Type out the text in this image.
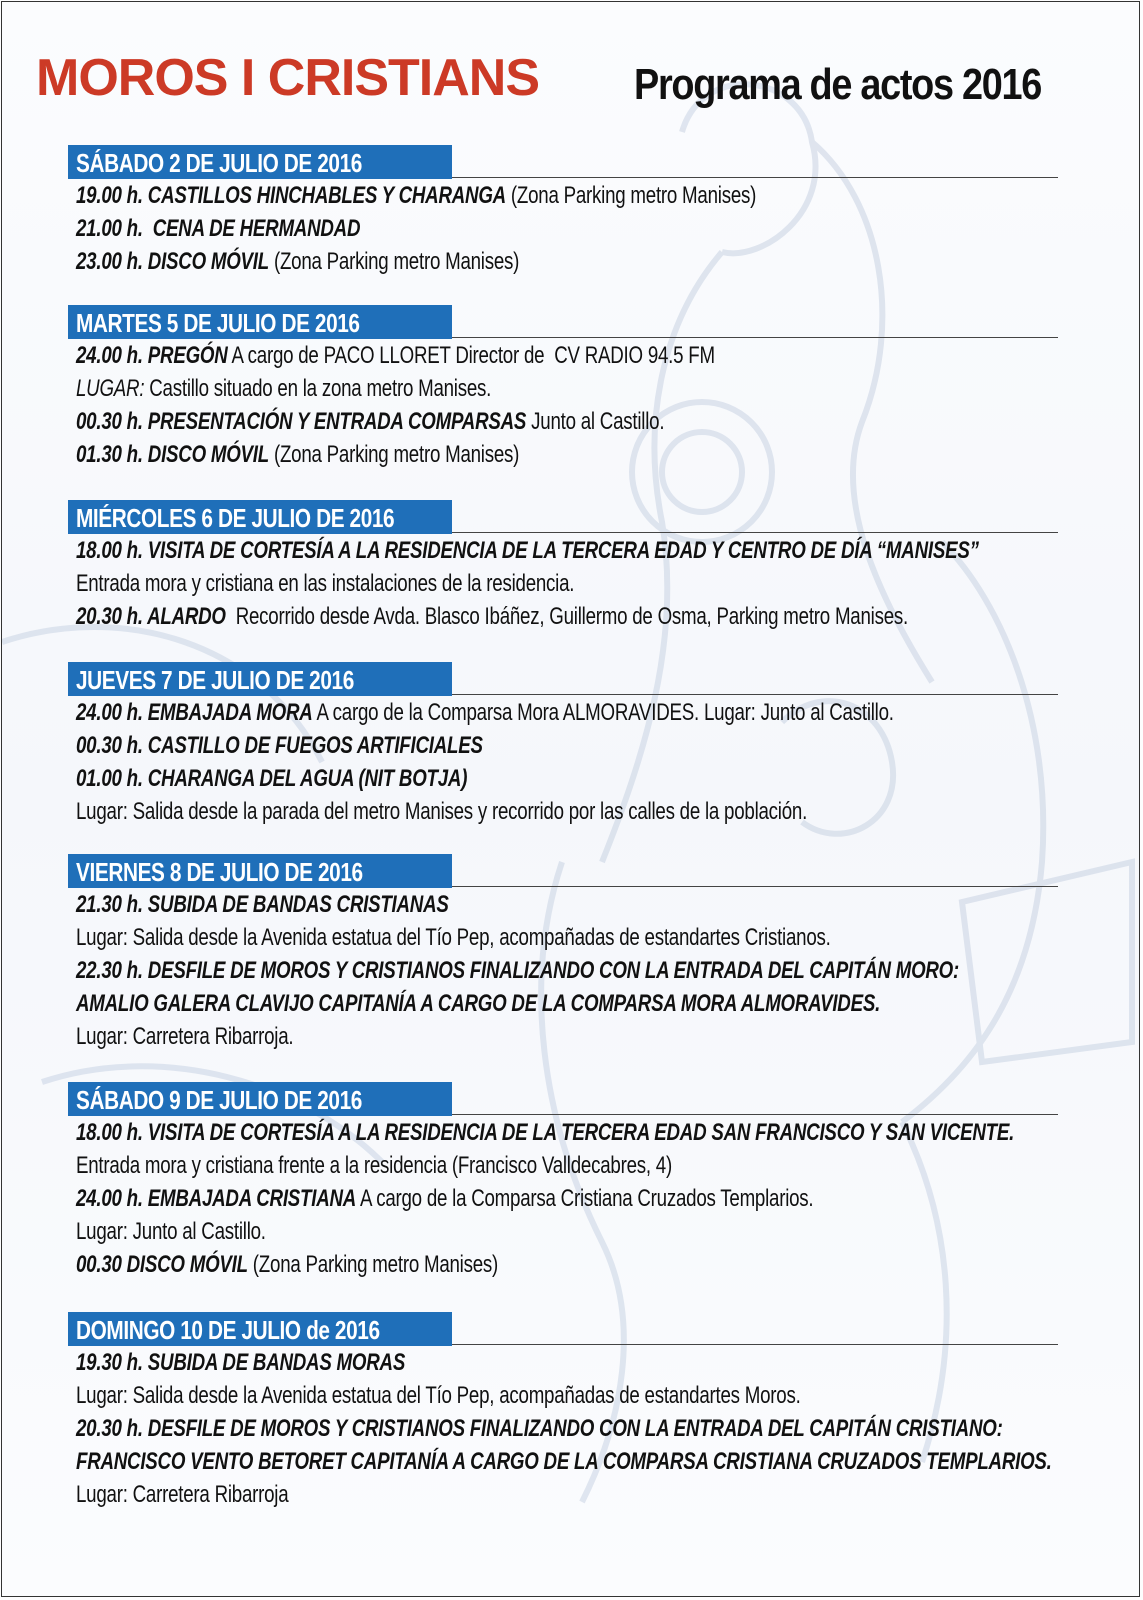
MOROS I CRISTIANS Programa de actos 2016
SÁBADO 2 DE JULIO DE 2016
19.00 h. CASTILLOS HINCHABLES Y CHARANGA (Zona Parking metro Manises)
21.00 h.  CENA DE HERMANDAD
23.00 h. DISCO MÓVIL (Zona Parking metro Manises)
MARTES 5 DE JULIO DE 2016
24.00 h. PREGÓN A cargo de PACO LLORET Director de  CV RADIO 94.5 FM
LUGAR: Castillo situado en la zona metro Manises.
00.30 h. PRESENTACIÓN Y ENTRADA COMPARSAS Junto al Castillo.
01.30 h. DISCO MÓVIL (Zona Parking metro Manises)
MIÉRCOLES 6 DE JULIO DE 2016
18.00 h. VISITA DE CORTESÍA A LA RESIDENCIA DE LA TERCERA EDAD Y CENTRO DE DÍA “MANISES”
Entrada mora y cristiana en las instalaciones de la residencia.
20.30 h. ALARDO  Recorrido desde Avda. Blasco Ibáñez, Guillermo de Osma, Parking metro Manises.
JUEVES 7 DE JULIO DE 2016
24.00 h. EMBAJADA MORA A cargo de la Comparsa Mora ALMORAVIDES. Lugar: Junto al Castillo.
00.30 h. CASTILLO DE FUEGOS ARTIFICIALES
01.00 h. CHARANGA DEL AGUA (NIT BOTJA)
Lugar: Salida desde la parada del metro Manises y recorrido por las calles de la población.
VIERNES 8 DE JULIO DE 2016
21.30 h. SUBIDA DE BANDAS CRISTIANAS
Lugar: Salida desde la Avenida estatua del Tío Pep, acompañadas de estandartes Cristianos.
22.30 h. DESFILE DE MOROS Y CRISTIANOS FINALIZANDO CON LA ENTRADA DEL CAPITÁN MORO:
AMALIO GALERA CLAVIJO CAPITANÍA A CARGO DE LA COMPARSA MORA ALMORAVIDES.
Lugar: Carretera Ribarroja.
SÁBADO 9 DE JULIO DE 2016
18.00 h. VISITA DE CORTESÍA A LA RESIDENCIA DE LA TERCERA EDAD SAN FRANCISCO Y SAN VICENTE.
Entrada mora y cristiana frente a la residencia (Francisco Valldecabres, 4)
24.00 h. EMBAJADA CRISTIANA A cargo de la Comparsa Cristiana Cruzados Templarios.
Lugar: Junto al Castillo.
00.30 DISCO MÓVIL (Zona Parking metro Manises)
DOMINGO 10 DE JULIO de 2016
19.30 h. SUBIDA DE BANDAS MORAS
Lugar: Salida desde la Avenida estatua del Tío Pep, acompañadas de estandartes Moros.
20.30 h. DESFILE DE MOROS Y CRISTIANOS FINALIZANDO CON LA ENTRADA DEL CAPITÁN CRISTIANO:
FRANCISCO VENTO BETORET CAPITANÍA A CARGO DE LA COMPARSA CRISTIANA CRUZADOS TEMPLARIOS.
Lugar: Carretera Ribarroja
